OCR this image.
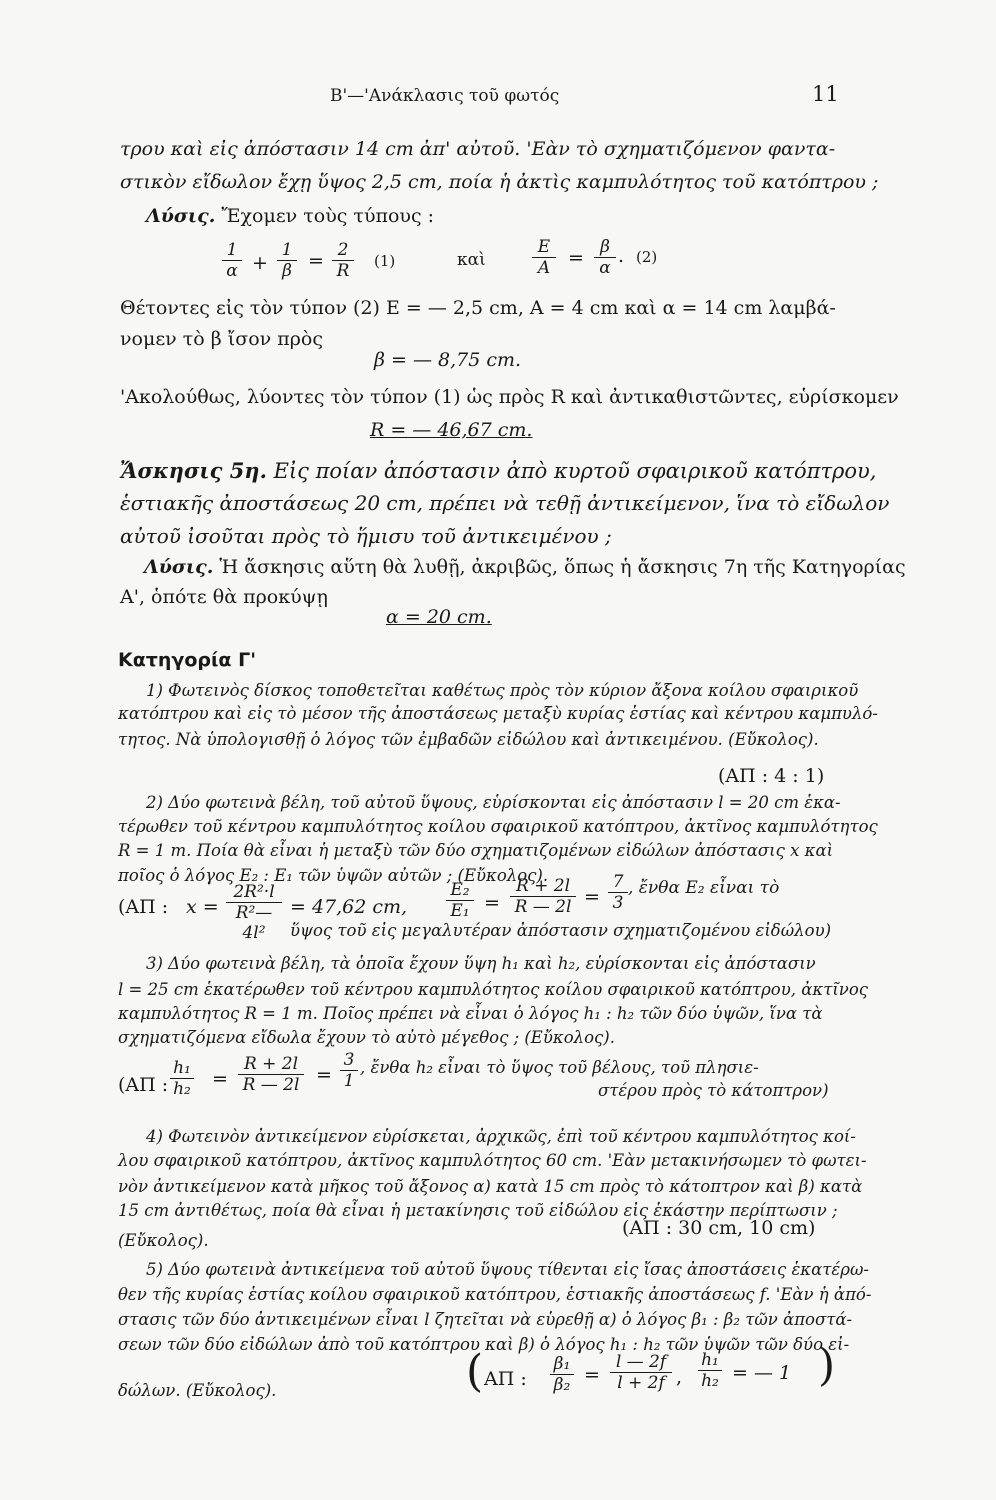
Β'—'Ανάκλασις τοῦ φωτός	11
τρου καὶ εἰς ἀπόστασιν 14 cm ἀπ' αὐτοῦ. 'Εὰν τὸ σχηματιζόμενον φαντα-
στικὸν εἴδωλον ἔχῃ ὕψος 2,5 cm, ποία ἡ ἀκτὶς καμπυλότητος τοῦ κατόπτρου ;
Λύσις. Ἔχομεν τοὺς τύπους :
1
α +
1
β = 2
R	(1)	καὶ
E
A = β
α
. (2)
Θέτοντες εἰς τὸν τύπον (2) E = — 2,5 cm, A = 4 cm καὶ α = 14 cm λαμβά-
νομεν τὸ β ἴσον πρὸς
β = — 8,75 cm.
'Ακολούθως, λύοντες τὸν τύπον (1) ὡς πρὸς R καὶ ἀντικαθιστῶντες, εὑρίσκομεν
R = — 46,67 cm.
Ἄσκησις 5η. Εἰς ποίαν ἀπόστασιν ἀπὸ κυρτοῦ σφαιρικοῦ κατόπτρου,
ἑστιακῆς ἀποστάσεως 20 cm, πρέπει νὰ τεθῇ ἀντικείμενον, ἵνα τὸ εἴδωλον
αὐτοῦ ἰσοῦται πρὸς τὸ ἥμισυ τοῦ ἀντικειμένου ;
Λύσις. Ἡ ἄσκησις αὕτη θὰ λυθῇ, ἀκριβῶς, ὅπως ἡ ἄσκησις 7η τῆς Κατηγορίας
Α', ὁπότε θὰ προκύψῃ
α = 20 cm.
Κατηγορία Γ'
1) Φωτεινὸς δίσκος τοποθετεῖται καθέτως πρὸς τὸν κύριον ἄξονα κοίλου σφαιρικοῦ
κατόπτρου καὶ εἰς τὸ μέσον τῆς ἀποστάσεως μεταξὺ κυρίας ἑστίας καὶ κέντρου καμπυλό-
τητος. Νὰ ὑπολογισθῇ ὁ λόγος τῶν ἐμβαδῶν εἰδώλου καὶ ἀντικειμένου. (Εὔκολος).
(ΑΠ : 4 : 1)
2) Δύο φωτεινὰ βέλη, τοῦ αὐτοῦ ὕψους, εὑρίσκονται εἰς ἀπόστασιν l = 20 cm ἑκα-
τέρωθεν τοῦ κέντρου καμπυλότητος κοίλου σφαιρικοῦ κατόπτρου, ἀκτῖνος καμπυλότητος
R = 1 m. Ποία θὰ εἶναι ἡ μεταξὺ τῶν δύο σχηματιζομένων εἰδώλων ἀπόστασις x καὶ
ποῖος ὁ λόγος E₂ : E₁ τῶν ὑψῶν αὐτῶν ; (Εὔκολος).
(ΑΠ : x =
2R²·l
R²—4l²
= 47,62 cm,
E₂
E₁ =
R + 2l
R — 2l =
7
3
, ἔνθα E₂ εἶναι τὸ
ὕψος τοῦ εἰς μεγαλυτέραν ἀπόστασιν σχηματιζομένου εἰδώλου)
3) Δύο φωτεινὰ βέλη, τὰ ὁποῖα ἔχουν ὕψη h₁ καὶ h₂, εὑρίσκονται εἰς ἀπόστασιν
l = 25 cm ἑκατέρωθεν τοῦ κέντρου καμπυλότητος κοίλου σφαιρικοῦ κατόπτρου, ἀκτῖνος
καμπυλότητος R = 1 m. Ποῖος πρέπει νὰ εἶναι ὁ λόγος h₁ : h₂ τῶν δύο ὑψῶν, ἵνα τὰ
σχηματιζόμενα εἴδωλα ἔχουν τὸ αὐτὸ μέγεθος ; (Εὔκολος).
(ΑΠ :
h₁
h₂ =
R + 2l
R — 2l =
3
1
, ἔνθα h₂ εἶναι τὸ ὕψος τοῦ βέλους, τοῦ πλησιε-
στέρου πρὸς τὸ κάτοπτρον)
4) Φωτεινὸν ἀντικείμενον εὑρίσκεται, ἀρχικῶς, ἐπὶ τοῦ κέντρου καμπυλότητος κοί-
λου σφαιρικοῦ κατόπτρου, ἀκτῖνος καμπυλότητος 60 cm. 'Εὰν μετακινήσωμεν τὸ φωτει-
νὸν ἀντικείμενον κατὰ μῆκος τοῦ ἄξονος α) κατὰ 15 cm πρὸς τὸ κάτοπτρον καὶ β) κατὰ
15 cm ἀντιθέτως, ποία θὰ εἶναι ἡ μετακίνησις τοῦ εἰδώλου εἰς ἑκάστην περίπτωσιν ;
(Εὔκολος).
(ΑΠ : 30 cm, 10 cm)
5) Δύο φωτεινὰ ἀντικείμενα τοῦ αὐτοῦ ὕψους τίθενται εἰς ἴσας ἀποστάσεις ἑκατέρω-
θεν τῆς κυρίας ἑστίας κοίλου σφαιρικοῦ κατόπτρου, ἑστιακῆς ἀποστάσεως f. 'Εὰν ἡ ἀπό-
στασις τῶν δύο ἀντικειμένων εἶναι l ζητεῖται νὰ εὑρεθῇ α) ὁ λόγος β₁ : β₂ τῶν ἀποστά-
σεων τῶν δύο εἰδώλων ἀπὸ τοῦ κατόπτρου καὶ β) ὁ λόγος h₁ : h₂ τῶν ὑψῶν τῶν δύο εἰ-
δώλων. (Εὔκολος).	( ΑΠ :
β₁
β₂ =
l — 2f
l + 2f ,
h₁
h₂ = — 1 )
